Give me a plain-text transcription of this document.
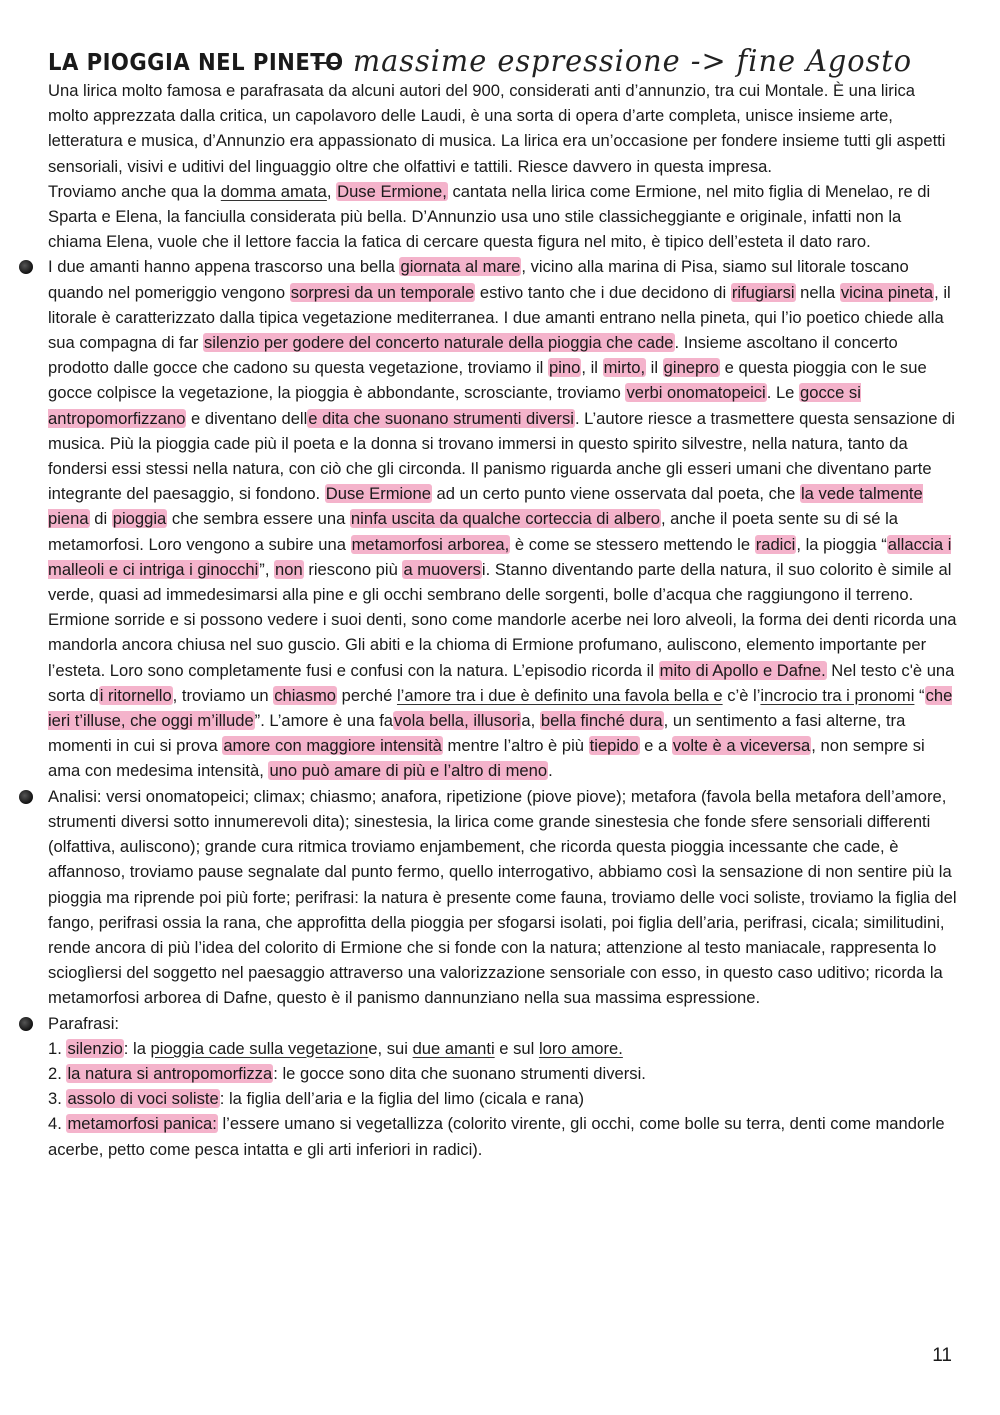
LA PIOGGIA NEL PINETO
— massime espressione -> fine Agosto

Una lirica molto famosa e parafrasata da alcuni autori del 900, considerati anti d’annunzio, tra cui Montale. È una lirica molto apprezzata dalla critica, un capolavoro delle Laudi, è una sorta di opera d’arte completa, unisce insieme arte, letteratura e musica, d’Annunzio era appassionato di musica. La lirica era un’occasione per fondere insieme tutti gli aspetti sensoriali, visivi e uditivi del linguaggio oltre che olfattivi e tattili. Riesce davvero in questa impresa.

Troviamo anche qua la domma amata, Duse Ermione, cantata nella lirica come Ermione, nel mito figlia di Menelao, re di Sparta e Elena, la fanciulla considerata più bella. D’Annunzio usa uno stile classicheggiante e originale, infatti non la chiama Elena, vuole che il lettore faccia la fatica di cercare questa figura nel mito, è tipico dell’esteta il dato raro.

I due amanti hanno appena trascorso una bella giornata al mare, vicino alla marina di Pisa, siamo sul litorale toscano quando nel pomeriggio vengono sorpresi da un temporale estivo tanto che i due decidono di rifugiarsi nella vicina pineta, il litorale è caratterizzato dalla tipica vegetazione mediterranea. I due amanti entrano nella pineta, qui l’io poetico chiede alla sua compagna di far silenzio per godere del concerto naturale della pioggia che cade. Insieme ascoltano il concerto prodotto dalle gocce che cadono su questa vegetazione, troviamo il pino, il mirto, il ginepro e questa pioggia con le sue gocce colpisce la vegetazione, la pioggia è abbondante, scrosciante, troviamo verbi onomatopeici. Le gocce si antropomorfizzano e diventano delle dita che suonano strumenti diversi. L’autore riesce a trasmettere questa sensazione di musica. Più la pioggia cade più il poeta e la donna si trovano immersi in questo spirito silvestre, nella natura, tanto da fondersi essi stessi nella natura, con ciò che gli circonda. Il panismo riguarda anche gli esseri umani che diventano parte integrante del paesaggio, si fondono. Duse Ermione ad un certo punto viene osservata dal poeta, che la vede talmente piena di pioggia che sembra essere una ninfa uscita da qualche corteccia di albero, anche il poeta sente su di sé la metamorfosi. Loro vengono a subire una metamorfosi arborea, è come se stessero mettendo le radici, la pioggia “allaccia i malleoli e ci intriga i ginocchi”, non riescono più a muoversi. Stanno diventando parte della natura, il suo colorito è simile al verde, quasi ad immedesimarsi alla pine e gli occhi sembrano delle sorgenti, bolle d’acqua che raggiungono il terreno. Ermione sorride e si possono vedere i suoi denti, sono come mandorle acerbe nei loro alveoli, la forma dei denti ricorda una mandorla ancora chiusa nel suo guscio. Gli abiti e la chioma di Ermione profumano, auliscono, elemento importante per l’esteta. Loro sono completamente fusi e confusi con la natura. L’episodio ricorda il mito di Apollo e Dafne. Nel testo c'è una sorta di ritornello, troviamo un chiasmo perché l’amore tra i due è definito una favola bella e c’è l’incrocio tra i pronomi “che ieri t’illuse, che oggi m’illude”. L’amore è una favola bella, illusoria, bella finché dura, un sentimento a fasi alterne, tra momenti in cui si prova amore con maggiore intensità mentre l’altro è più tiepido e a volte è a viceversa, non sempre si ama con medesima intensità, uno può amare di più e l’altro di meno.

Analisi: versi onomatopeici; climax; chiasmo; anafora, ripetizione (piove piove); metafora (favola bella metafora dell’amore, strumenti diversi sotto innumerevoli dita); sinestesia, la lirica come grande sinestesia che fonde sfere sensoriali differenti (olfattiva, auliscono); grande cura ritmica troviamo enjambement, che ricorda questa pioggia incessante che cade, è affannoso, troviamo pause segnalate dal punto fermo, quello interrogativo, abbiamo così la sensazione di non sentire più la pioggia ma riprende poi più forte; perifrasi: la natura è presente come fauna, troviamo delle voci soliste, troviamo la figlia del fango, perifrasi ossia la rana, che approfitta della pioggia per sfogarsi isolati, poi figlia dell’aria, perifrasi, cicala; similitudini, rende ancora di più l’idea del colorito di Ermione che si fonde con la natura; attenzione al testo maniacale, rappresenta lo scioglìersi del soggetto nel paesaggio attraverso una valorizzazione sensoriale con esso, in questo caso uditivo; ricorda la metamorfosi arborea di Dafne, questo è il panismo dannunziano nella sua massima espressione.

Parafrasi:

1. silenzio: la pioggia cade sulla vegetazione, sui due amanti e sul loro amore.

2. la natura si antropomorfizza: le gocce sono dita che suonano strumenti diversi.

3. assolo di voci soliste: la figlia dell’aria e la figlia del limo (cicala e rana)

4. metamorfosi panica: l’essere umano si vegetallizza (colorito virente, gli occhi, come bolle su terra, denti come mandorle acerbe, petto come pesca intatta e gli arti inferiori in radici).

11
